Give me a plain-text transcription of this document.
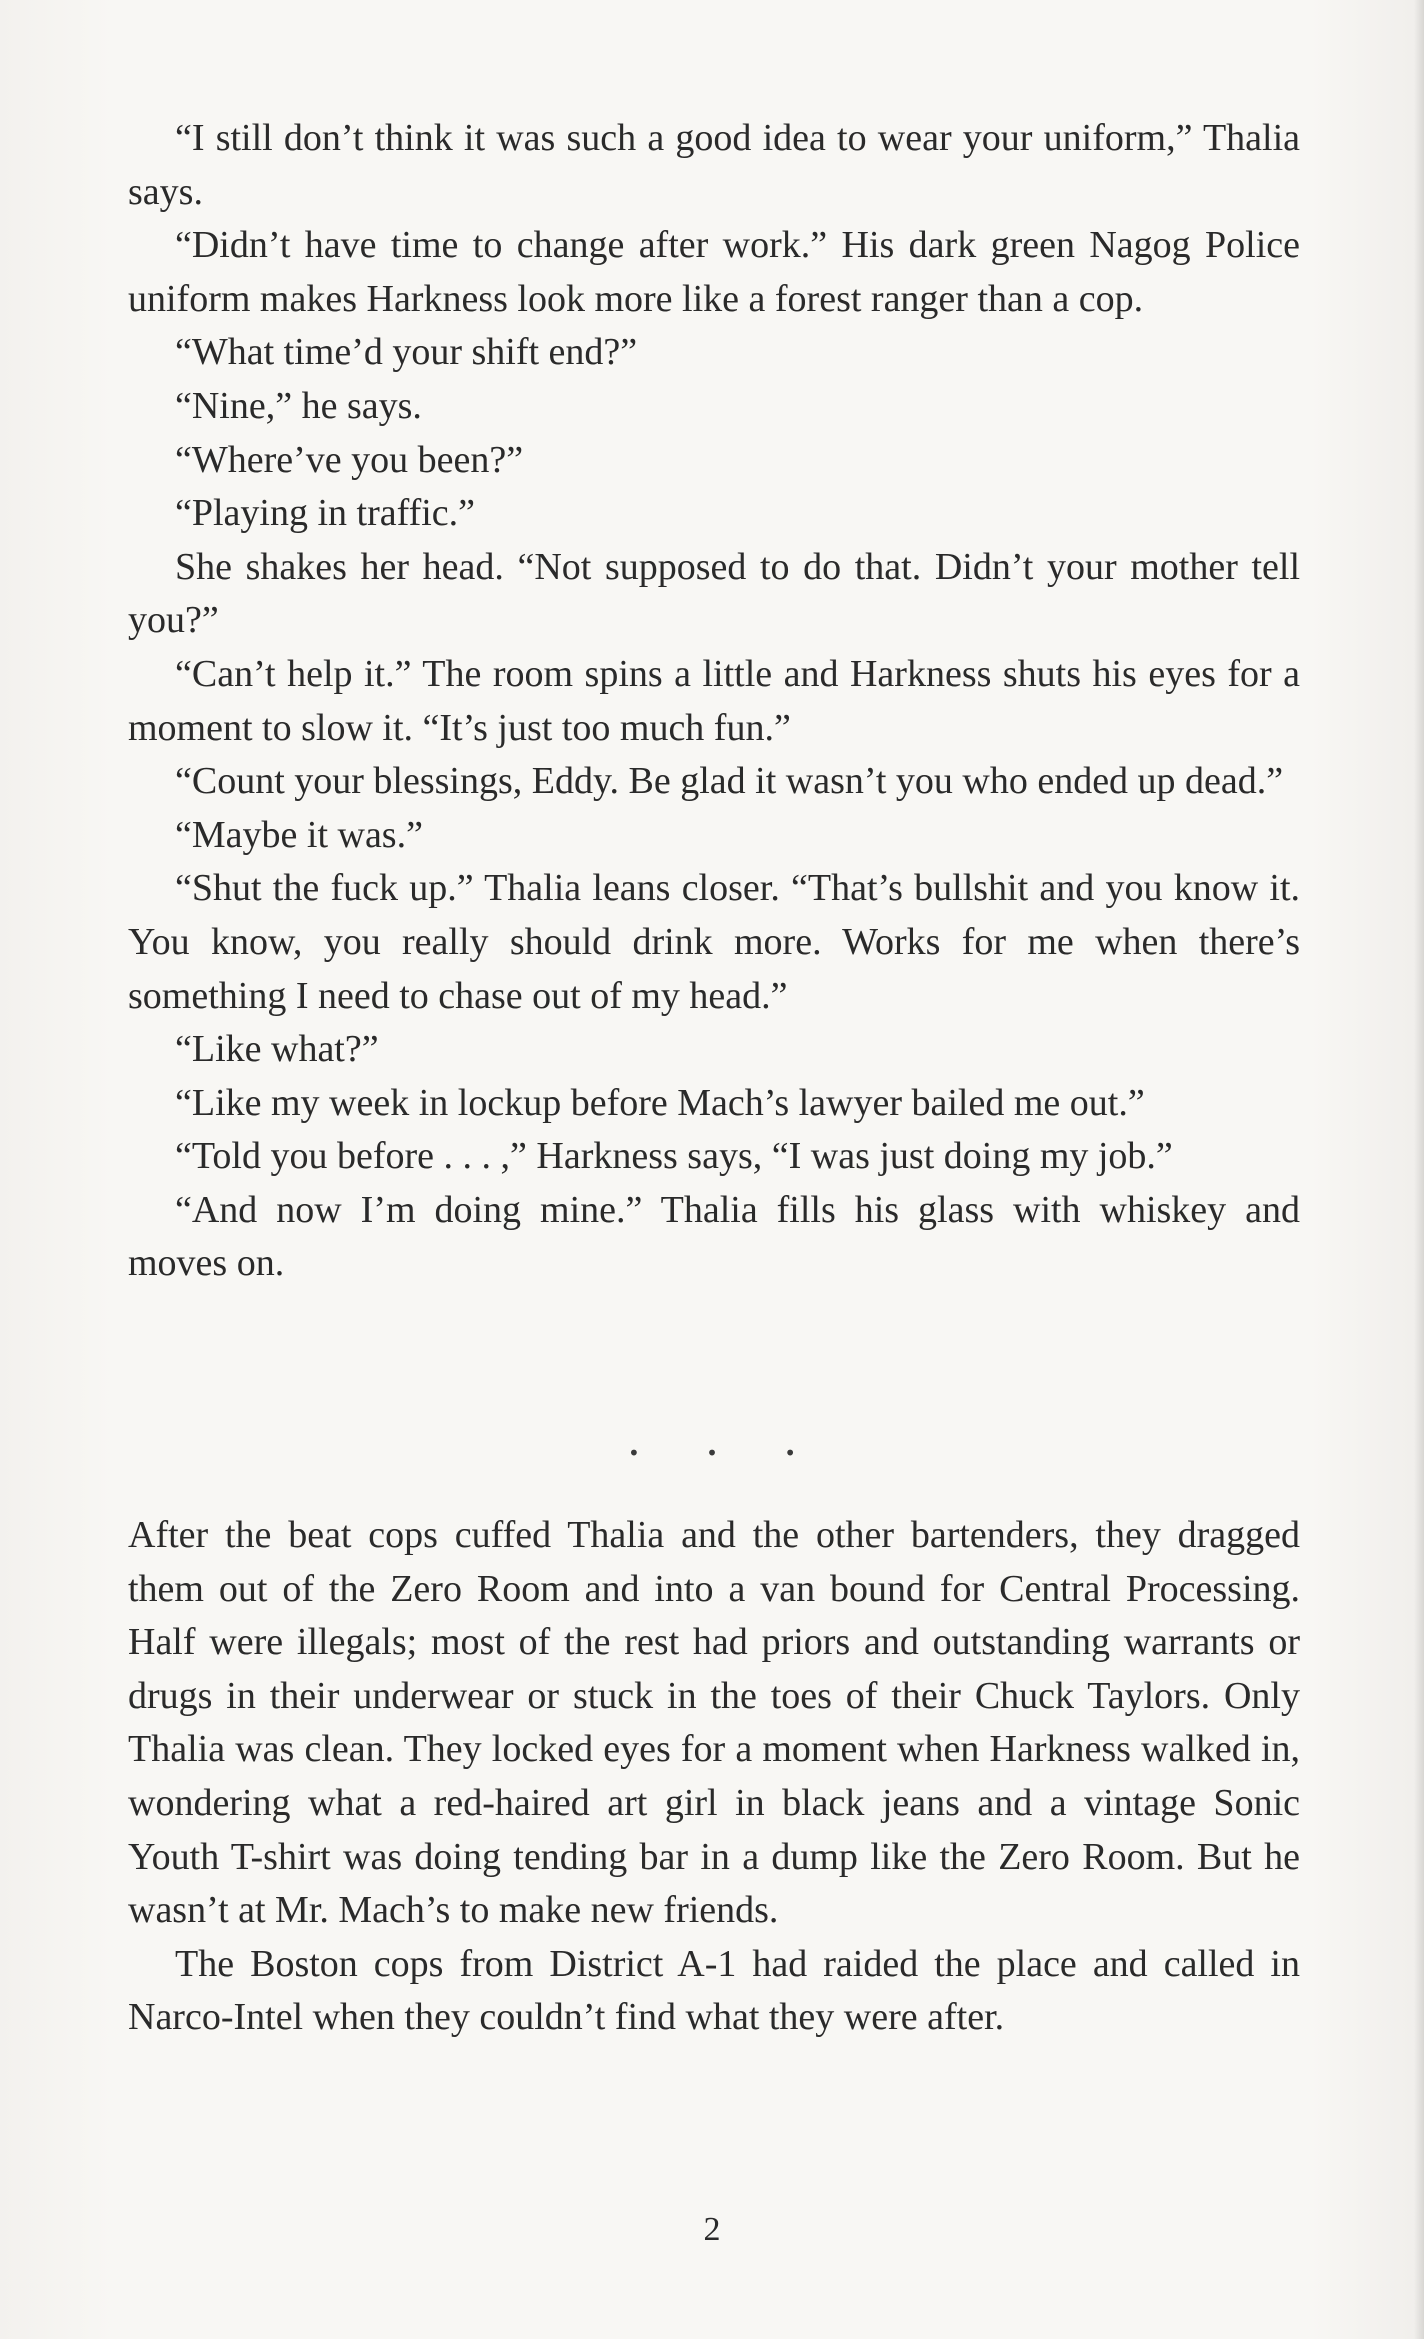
“I still don’t think it was such a good idea to wear your uniform,” Thalia says.

“Didn’t have time to change after work.” His dark green Nagog Police uniform makes Harkness look more like a forest ranger than a cop.

“What time’d your shift end?”

“Nine,” he says.

“Where’ve you been?”

“Playing in traffic.”

She shakes her head. “Not supposed to do that. Didn’t your mother tell you?”

“Can’t help it.” The room spins a little and Harkness shuts his eyes for a moment to slow it. “It’s just too much fun.”

“Count your blessings, Eddy. Be glad it wasn’t you who ended up dead.”

“Maybe it was.”

“Shut the fuck up.” Thalia leans closer. “That’s bullshit and you know it. You know, you really should drink more. Works for me when there’s something I need to chase out of my head.”

“Like what?”

“Like my week in lockup before Mach’s lawyer bailed me out.”

“Told you before . . . ,” Harkness says, “I was just doing my job.”

“And now I’m doing mine.” Thalia fills his glass with whiskey and moves on.

• • •

After the beat cops cuffed Thalia and the other bartenders, they dragged them out of the Zero Room and into a van bound for Central Processing. Half were illegals; most of the rest had priors and outstanding warrants or drugs in their underwear or stuck in the toes of their Chuck Taylors. Only Thalia was clean. They locked eyes for a moment when Harkness walked in, wondering what a red-haired art girl in black jeans and a vintage Sonic Youth T-shirt was doing tending bar in a dump like the Zero Room. But he wasn’t at Mr. Mach’s to make new friends.

The Boston cops from District A-1 had raided the place and called in Narco-Intel when they couldn’t find what they were after.

2
